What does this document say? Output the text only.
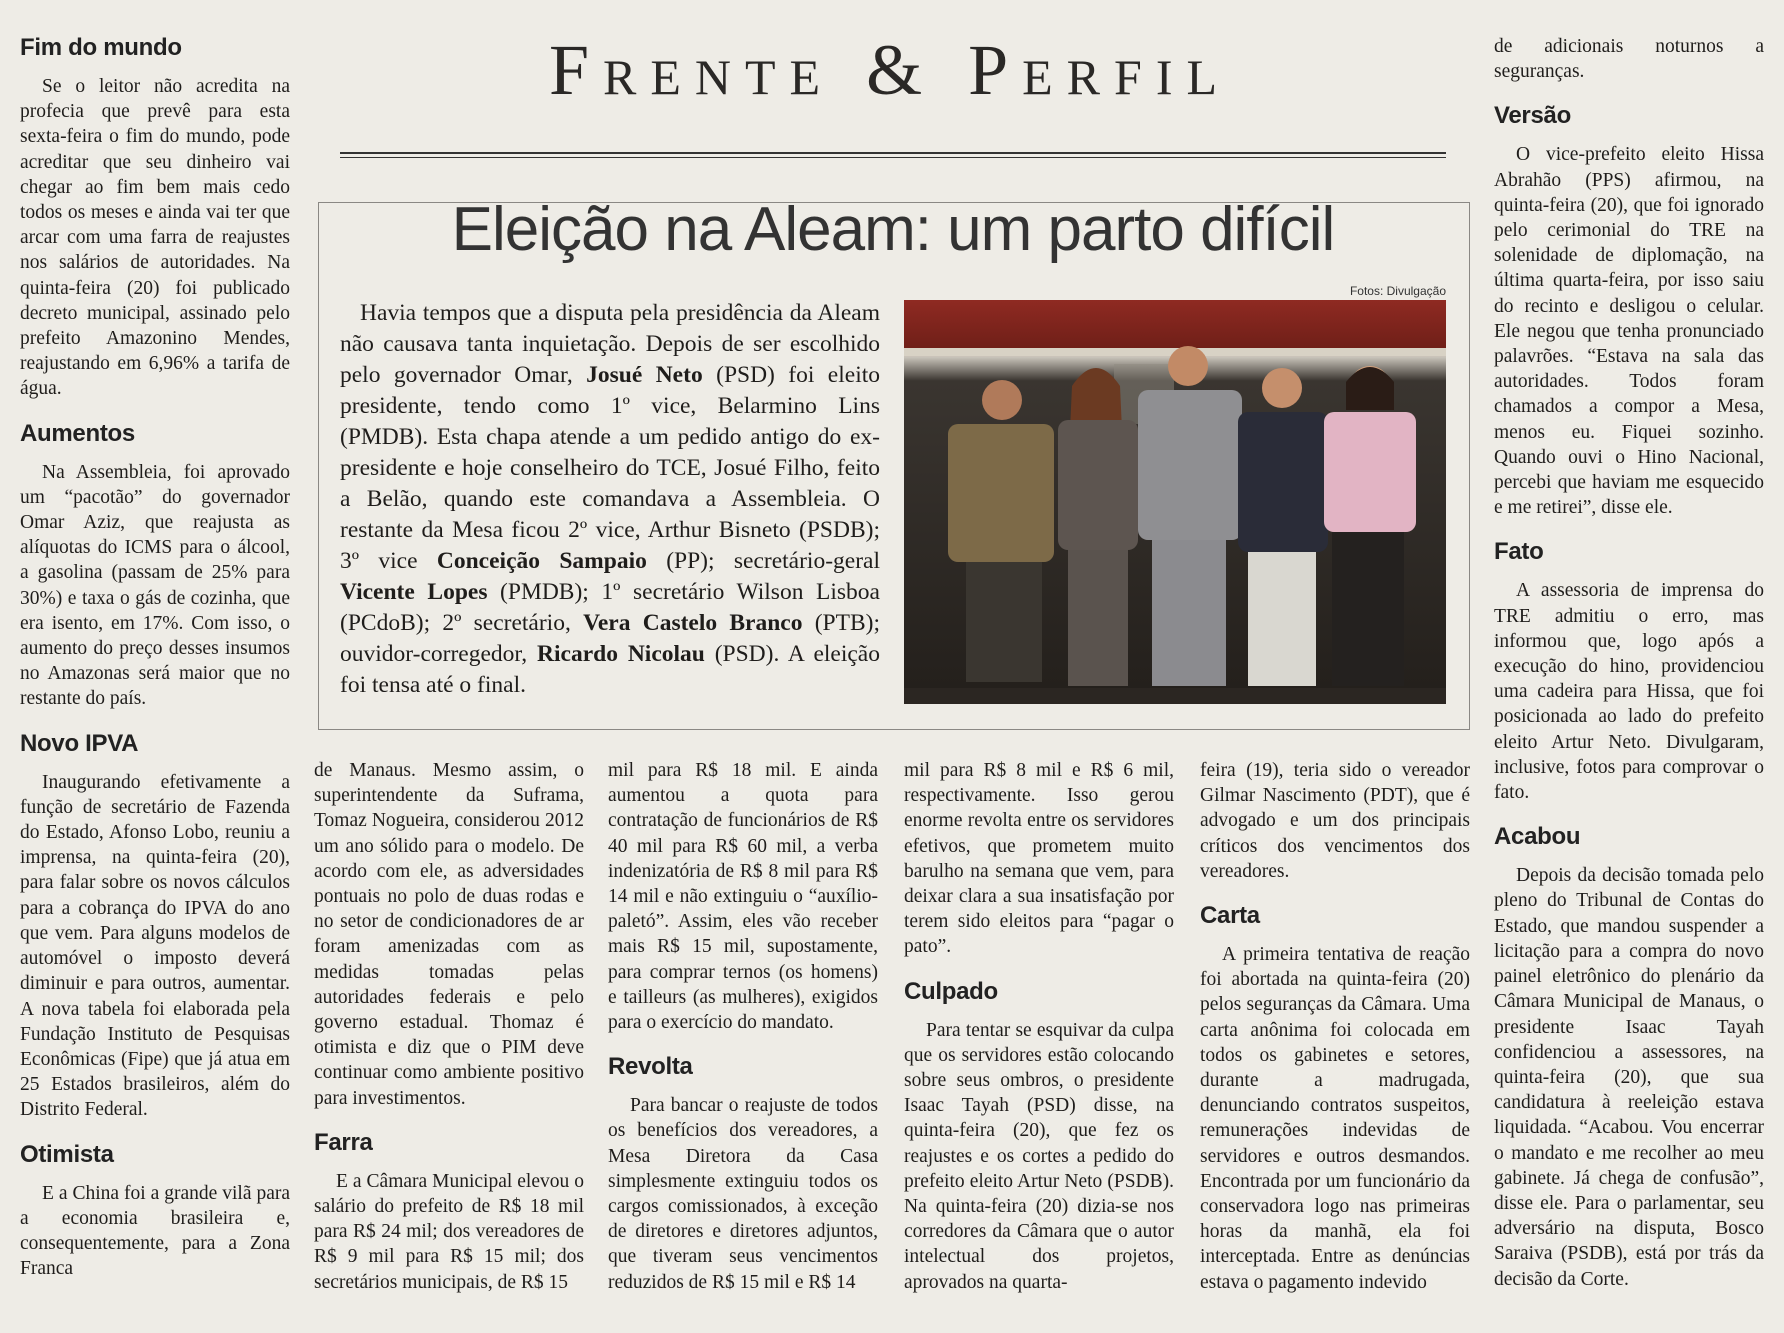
Frente & Perfil
Eleição na Aleam: um parto difícil

Havia tempos que a disputa pela presidência da Aleam não causava tanta inquietação. Depois de ser escolhido pelo governador Omar, Josué Neto (PSD) foi eleito presidente, tendo como 1º vice, Belarmino Lins (PMDB). Esta chapa atende a um pedido antigo do ex-presidente e hoje conselheiro do TCE, Josué Filho, feito a Belão, quando este comandava a Assembleia. O restante da Mesa ficou 2º vice, Arthur Bisneto (PSDB); 3º vice Conceição Sampaio (PP); secretário-geral Vicente Lopes (PMDB); 1º secretário Wilson Lisboa (PCdoB); 2º secretário, Vera Castelo Branco (PTB); ouvidor-corregedor, Ricardo Nicolau (PSD). A eleição foi tensa até o final.

Fotos: Divulgação
Fim do mundo

Se o leitor não acredita na profecia que prevê para esta sexta-feira o fim do mundo, pode acreditar que seu dinheiro vai chegar ao fim bem mais cedo todos os meses e ainda vai ter que arcar com uma farra de reajustes nos salários de autoridades. Na quinta-feira (20) foi publicado decreto municipal, assinado pelo prefeito Amazonino Mendes, reajustando em 6,96% a tarifa de água.

Aumentos

Na Assembleia, foi aprovado um “pacotão” do governador Omar Aziz, que reajusta as alíquotas do ICMS para o álcool, a gasolina (passam de 25% para 30%) e taxa o gás de cozinha, que era isento, em 17%. Com isso, o aumento do preço desses insumos no Amazonas será maior que no restante do país.

Novo IPVA

Inaugurando efetivamente a função de secretário de Fazenda do Estado, Afonso Lobo, reuniu a imprensa, na quinta-feira (20), para falar sobre os novos cálculos para a cobrança do IPVA do ano que vem. Para alguns modelos de automóvel o imposto deverá diminuir e para outros, aumentar. A nova tabela foi elaborada pela Fundação Instituto de Pesquisas Econômicas (Fipe) que já atua em 25 Estados brasileiros, além do Distrito Federal.

Otimista

E a China foi a grande vilã para a economia brasileira e, consequentemente, para a Zona Franca

de Manaus. Mesmo assim, o superintendente da Suframa, Tomaz Nogueira, considerou 2012 um ano sólido para o modelo. De acordo com ele, as adversidades pontuais no polo de duas rodas e no setor de condicionadores de ar foram amenizadas com as medidas tomadas pelas autoridades federais e pelo governo estadual. Thomaz é otimista e diz que o PIM deve continuar como ambiente positivo para investimentos.

Farra

E a Câmara Municipal elevou o salário do prefeito de R$ 18 mil para R$ 24 mil; dos vereadores de R$ 9 mil para R$ 15 mil; dos secretários municipais, de R$ 15

mil para R$ 18 mil. E ainda aumentou a quota para contratação de funcionários de R$ 40 mil para R$ 60 mil, a verba indenizatória de R$ 8 mil para R$ 14 mil e não extinguiu o “auxílio-paletó”. Assim, eles vão receber mais R$ 15 mil, supostamente, para comprar ternos (os homens) e tailleurs (as mulheres), exigidos para o exercício do mandato.

Revolta

Para bancar o reajuste de todos os benefícios dos vereadores, a Mesa Diretora da Casa simplesmente extinguiu todos os cargos comissionados, à exceção de diretores e diretores adjuntos, que tiveram seus vencimentos reduzidos de R$ 15 mil e R$ 14

mil para R$ 8 mil e R$ 6 mil, respectivamente. Isso gerou enorme revolta entre os servidores efetivos, que prometem muito barulho na semana que vem, para deixar clara a sua insatisfação por terem sido eleitos para “pagar o pato”.

Culpado

Para tentar se esquivar da culpa que os servidores estão colocando sobre seus ombros, o presidente Isaac Tayah (PSD) disse, na quinta-feira (20), que fez os reajustes e os cortes a pedido do prefeito eleito Artur Neto (PSDB). Na quinta-feira (20) dizia-se nos corredores da Câmara que o autor intelectual dos projetos, aprovados na quarta-

feira (19), teria sido o vereador Gilmar Nascimento (PDT), que é advogado e um dos principais críticos dos vencimentos dos vereadores.

Carta

A primeira tentativa de reação foi abortada na quinta-feira (20) pelos seguranças da Câmara. Uma carta anônima foi colocada em todos os gabinetes e setores, durante a madrugada, denunciando contratos suspeitos, remunerações indevidas de servidores e outros desmandos. Encontrada por um funcionário da conservadora logo nas primeiras horas da manhã, ela foi interceptada. Entre as denúncias estava o pagamento indevido

de adicionais noturnos a seguranças.

Versão

O vice-prefeito eleito Hissa Abrahão (PPS) afirmou, na quinta-feira (20), que foi ignorado pelo cerimonial do TRE na solenidade de diplomação, na última quarta-feira, por isso saiu do recinto e desligou o celular. Ele negou que tenha pronunciado palavrões. “Estava na sala das autoridades. Todos foram chamados a compor a Mesa, menos eu. Fiquei sozinho. Quando ouvi o Hino Nacional, percebi que haviam me esquecido e me retirei”, disse ele.

Fato

A assessoria de imprensa do TRE admitiu o erro, mas informou que, logo após a execução do hino, providenciou uma cadeira para Hissa, que foi posicionada ao lado do prefeito eleito Artur Neto. Divulgaram, inclusive, fotos para comprovar o fato.

Acabou

Depois da decisão tomada pelo pleno do Tribunal de Contas do Estado, que mandou suspender a licitação para a compra do novo painel eletrônico do plenário da Câmara Municipal de Manaus, o presidente Isaac Tayah confidenciou a assessores, na quinta-feira (20), que sua candidatura à reeleição estava liquidada. “Acabou. Vou encerrar o mandato e me recolher ao meu gabinete. Já chega de confusão”, disse ele. Para o parlamentar, seu adversário na disputa, Bosco Saraiva (PSDB), está por trás da decisão da Corte.
